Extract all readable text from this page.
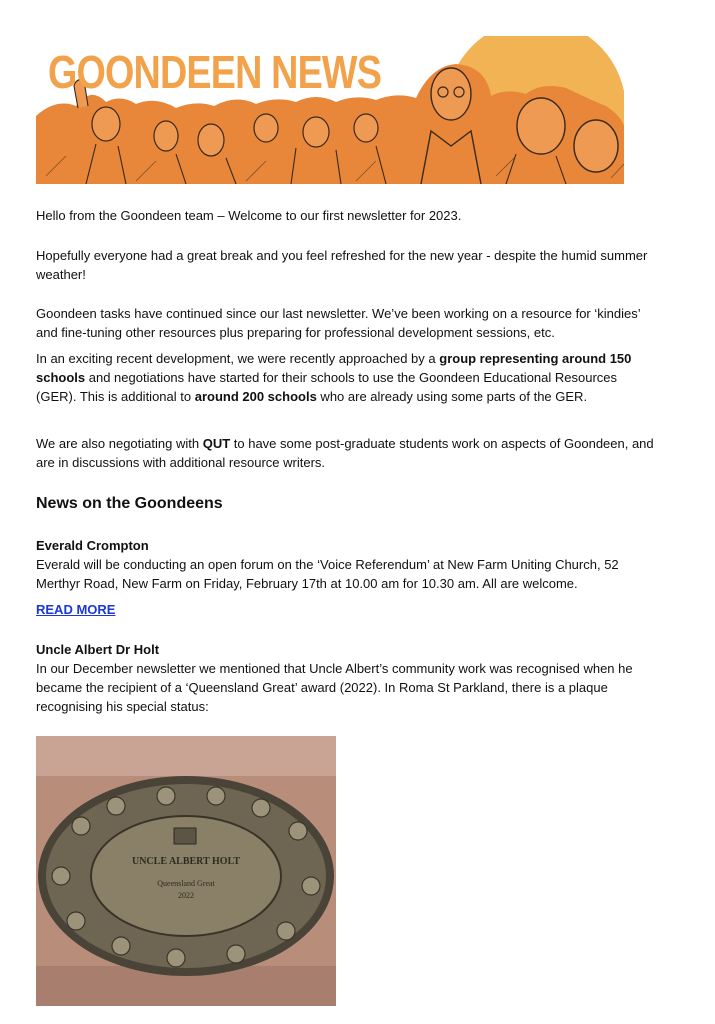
GOONDEEN NEWS

Hello from the Goondeen team – Welcome to our first newsletter for 2023.

Hopefully everyone had a great break and you feel refreshed for the new year - despite the humid summer weather!

Goondeen tasks have continued since our last newsletter. We’ve been working on a resource for ‘kindies’ and fine-tuning other resources plus preparing for professional development sessions, etc.

In an exciting recent development, we were recently approached by a group representing around 150 schools and negotiations have started for their schools to use the Goondeen Educational Resources (GER). This is additional to around 200 schools who are already using some parts of the GER.

We are also negotiating with QUT to have some post-graduate students work on aspects of Goondeen, and are in discussions with additional resource writers.

News on the Goondeens
Everald Crompton

Everald will be conducting an open forum on the ‘Voice Referendum’ at New Farm Uniting Church, 52 Merthyr Road, New Farm on Friday, February 17th at 10.00 am for 10.30 am. All are welcome.

READ MORE
Uncle Albert Dr Holt

In our December newsletter we mentioned that Uncle Albert’s community work was recognised when he became the recipient of a ‘Queensland Great’ award (2022). In Roma St Parkland, there is a plaque recognising his special status:

UNCLE ALBERT HOLT
Queensland Great
2022
